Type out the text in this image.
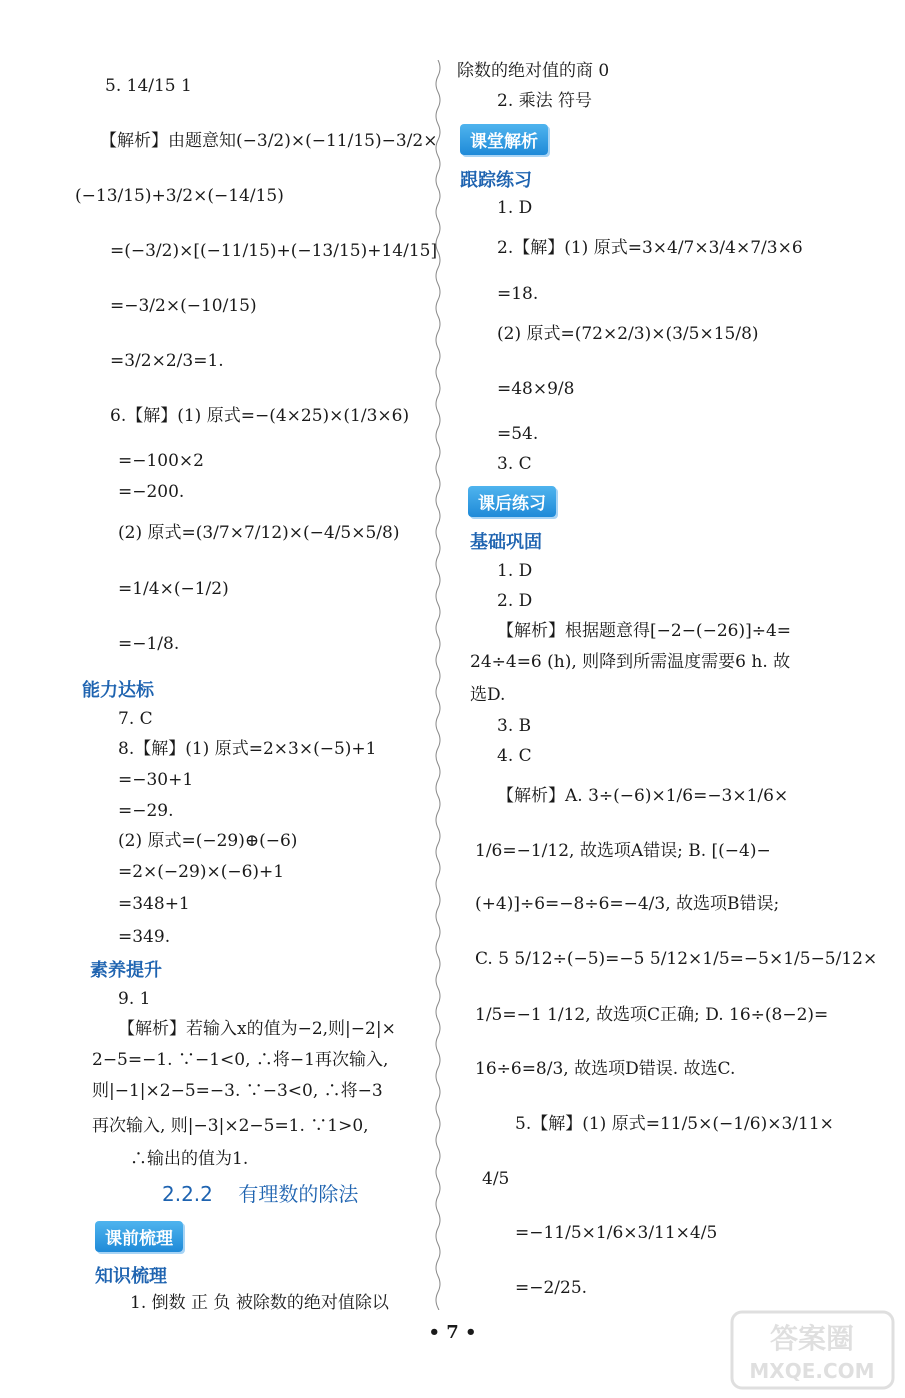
5. 14/15 1
【解析】由题意知(−3/2)×(−11/15)−3/2×
(−13/15)+3/2×(−14/15)
=(−3/2)×[(−11/15)+(−13/15)+14/15]
=−3/2×(−10/15)
=3/2×2/3=1.
6.【解】(1) 原式=−(4×25)×(1/3×6)
=−100×2
=−200.
(2) 原式=(3/7×7/12)×(−4/5×5/8)
=1/4×(−1/2)
=−1/8.
7. C
8.【解】(1) 原式=2×3×(−5)+1
=−30+1
=−29.
(2) 原式=(−29)⊕(−6)
=2×(−29)×(−6)+1
=348+1
=349.
9. 1
【解析】若输入x的值为−2,则|−2|×
2−5=−1. ∵−1<0, ∴将−1再次输入,
则|−1|×2−5=−3. ∵−3<0, ∴将−3
再次输入, 则|−3|×2−5=1. ∵1>0,
∴输出的值为1.
1. 倒数 正 负 被除数的绝对值除以
能力达标
素养提升
知识梳理
课前梳理
2.2.2 有理数的除法
除数的绝对值的商 0
2. 乘法 符号
1. D
2.【解】(1) 原式=3×4/7×3/4×7/3×6
=18.
(2) 原式=(72×2/3)×(3/5×15/8)
=48×9/8
=54.
3. C
1. D
2. D
【解析】根据题意得[−2−(−26)]÷4=
24÷4=6 (h), 则降到所需温度需要6 h. 故
选D.
3. B
4. C
【解析】A. 3÷(−6)×1/6=−3×1/6×
1/6=−1/12, 故选项A错误; B. [(−4)−
(+4)]÷6=−8÷6=−4/3, 故选项B错误;
C. 5 5/12÷(−5)=−5 5/12×1/5=−5×1/5−5/12×
1/5=−1 1/12, 故选项C正确; D. 16÷(8−2)=
16÷6=8/3, 故选项D错误. 故选C.
5.【解】(1) 原式=11/5×(−1/6)×3/11×
4/5
=−11/5×1/6×3/11×4/5
=−2/25.
跟踪练习
基础巩固
课堂解析
课后练习
• 7 •	答案圈
MXQE.COM
